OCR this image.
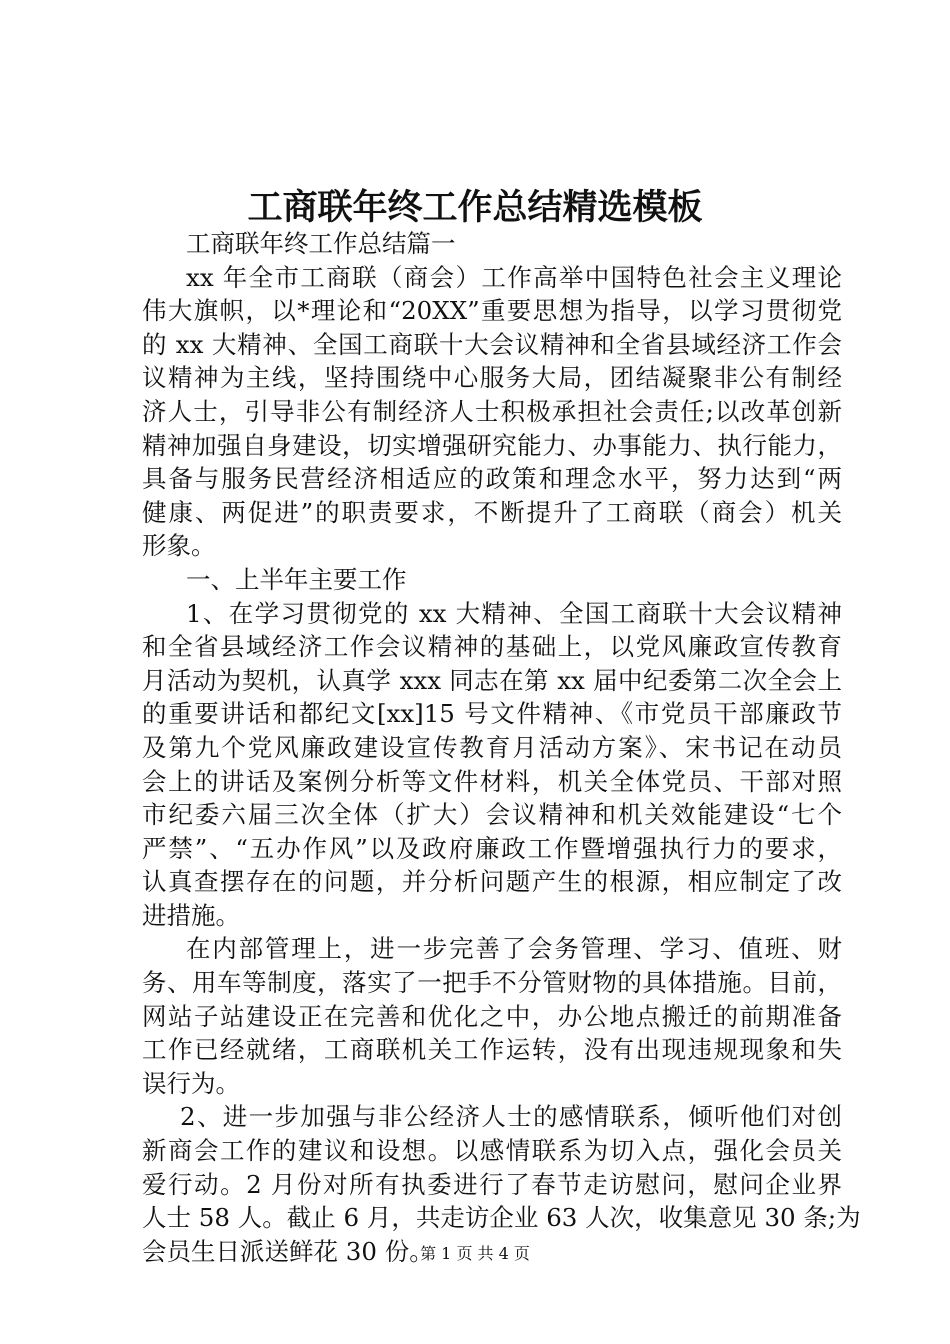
工商联年终工作总结精选模板
工商联年终工作总结篇一
xx 年全市工商联（商会）工作高举中国特色社会主义理论
伟大旗帜，以*理论和“20XX”重要思想为指导，以学习贯彻党
的 xx 大精神、全国工商联十大会议精神和全省县域经济工作会
议精神为主线，坚持围绕中心服务大局，团结凝聚非公有制经
济人士，引导非公有制经济人士积极承担社会责任;以改革创新
精神加强自身建设，切实增强研究能力、办事能力、执行能力，
具备与服务民营经济相适应的政策和理念水平，努力达到“两
健康、两促进”的职责要求，不断提升了工商联（商会）机关
形象。
一、上半年主要工作
1、在学习贯彻党的 xx 大精神、全国工商联十大会议精神
和全省县域经济工作会议精神的基础上，以党风廉政宣传教育
月活动为契机，认真学 xxx 同志在第 xx 届中纪委第二次全会上
的重要讲话和都纪文[xx]15 号文件精神、《市党员干部廉政节
及第九个党风廉政建设宣传教育月活动方案》、宋书记在动员
会上的讲话及案例分析等文件材料，机关全体党员、干部对照
市纪委六届三次全体（扩大）会议精神和机关效能建设“七个
严禁”、“五办作风”以及政府廉政工作暨增强执行力的要求，
认真查摆存在的问题，并分析问题产生的根源，相应制定了改
进措施。
在内部管理上，进一步完善了会务管理、学习、值班、财
务、用车等制度，落实了一把手不分管财物的具体措施。目前，
网站子站建设正在完善和优化之中，办公地点搬迁的前期准备
工作已经就绪，工商联机关工作运转，没有出现违规现象和失
误行为。
2、进一步加强与非公经济人士的感情联系，倾听他们对创
新商会工作的建议和设想。以感情联系为切入点，强化会员关
爱行动。2 月份对所有执委进行了春节走访慰问，慰问企业界
人士 58 人。截止 6 月，共走访企业 63 人次，收集意见 30 条;为
会员生日派送鲜花 30 份。
第 1 页 共 4 页
